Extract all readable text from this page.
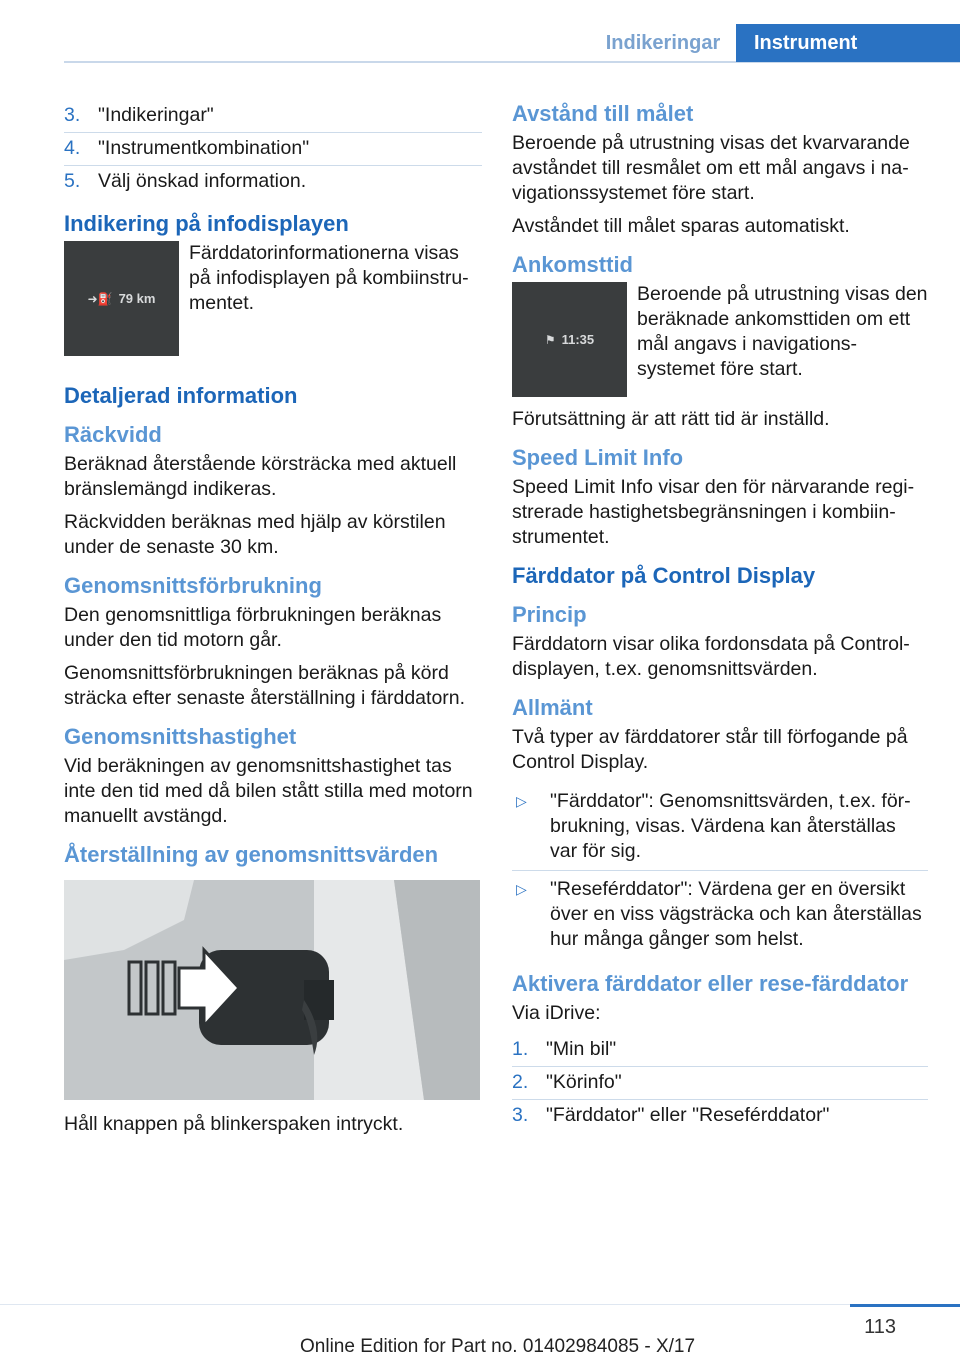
Indikeringar	Instrument
3. "Indikeringar"
4. "Instrumentkombination"
5. Välj önskad information.
Indikering på infodisplayen
➜⛽ 79 km
Färddatorinformationerna visas på infodisplayen på kombiinstrumentet.
Detaljerad information
Räckvidd

Beräknad återstående körsträcka med aktuell bränslemängd indikeras.

Räckvidden beräknas med hjälp av körstilen under de senaste 30 km.

Genomsnittsförbrukning

Den genomsnittliga förbrukningen beräknas under den tid motorn går.

Genomsnittsförbrukningen beräknas på körd sträcka efter senaste återställning i färddatorn.

Genomsnittshastighet

Vid beräkningen av genomsnittshastighet tas inte den tid med då bilen stått stilla med motorn manuellt avstängd.

Återställning av genomsnittsvärden

Håll knappen på blinkerspaken intryckt.

Avstånd till målet

Beroende på utrustning visas det kvarvarande avståndet till resmålet om ett mål angavs i navigationssystemet före start.

Avståndet till målet sparas automatiskt.

Ankomsttid
⚑ 11:35
Beroende på utrustning visas den beräknade ankomsttiden om ett mål angavs i navigationssystemet före start.

Förutsättning är att rätt tid är inställd.

Speed Limit Info

Speed Limit Info visar den för närvarande registrerade hastighetsbegränsningen i kombiinstrumentet.

Färddator på Control Display
Princip

Färddatorn visar olika fordonsdata på Controldisplayen, t.ex. genomsnittsvärden.

Allmänt

Två typer av färddatorer står till förfogande på Control Display.

▷	"Färddator": Genomsnittsvärden, t.ex. förbrukning, visas. Värdena kan återställas var för sig.
▷	"Reseférddator": Värdena ger en översikt över en viss vägsträcka och kan återställas hur många gånger som helst.
Aktivera färddator eller rese-färddator

Via iDrive:

1. "Min bil"
2. "Körinfo"
3. "Färddator" eller "Reseférddator"
113
Online Edition for Part no. 01402984085 - X/17
